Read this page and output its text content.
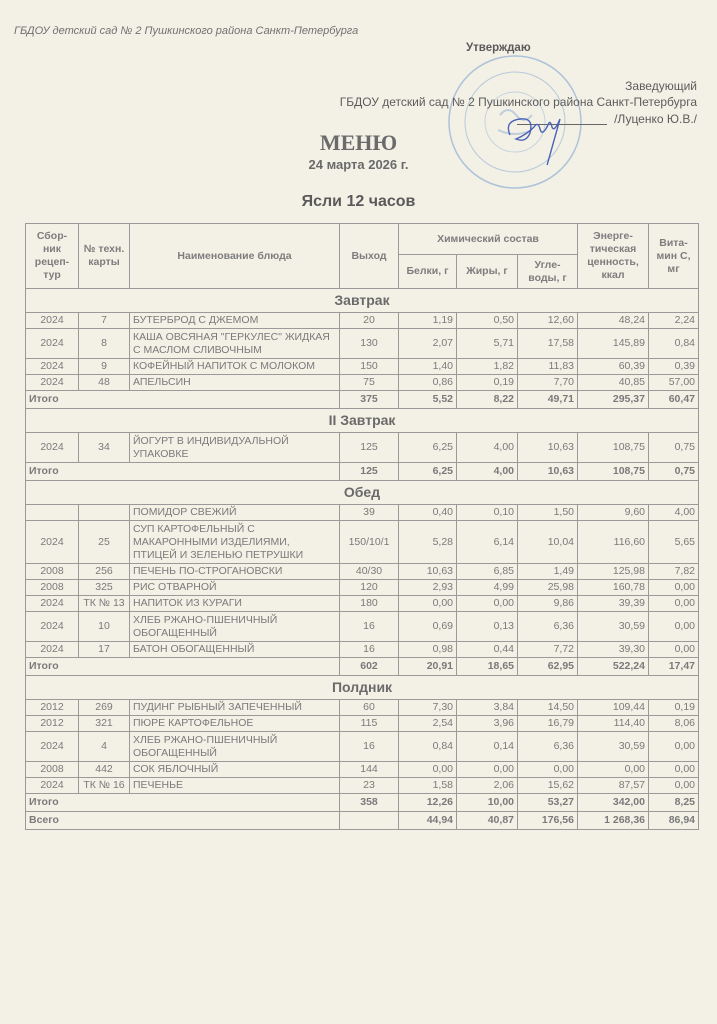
ГБДОУ детский сад № 2 Пушкинского района Санкт-Петербурга
Утверждаю
Заведующий
ГБДОУ детский сад № 2 Пушкинского района Санкт-Петербурга
/Луценко Ю.В./
МЕНЮ
24 марта 2026 г.
Ясли 12 часов
Сбор-ник рецеп-тур	№ техн. карты	Наименование блюда	Выход	Химический состав			Энерге-тическая ценность, ккал	Вита-мин С, мг
				Белки, г	Жиры, г	Угле-воды, г		
Завтрак								
2024	7	БУТЕРБРОД С ДЖЕМОМ	20	1,19	0,50	12,60	48,24	2,24
2024	8	КАША ОВСЯНАЯ "ГЕРКУЛЕС" ЖИДКАЯ С МАСЛОМ СЛИВОЧНЫМ	130	2,07	5,71	17,58	145,89	0,84
2024	9	КОФЕЙНЫЙ НАПИТОК С МОЛОКОМ	150	1,40	1,82	11,83	60,39	0,39
2024	48	АПЕЛЬСИН	75	0,86	0,19	7,70	40,85	57,00
Итого			375	5,52	8,22	49,71	295,37	60,47
II Завтрак								
2024	34	ЙОГУРТ В ИНДИВИДУАЛЬНОЙ УПАКОВКЕ	125	6,25	4,00	10,63	108,75	0,75
Итого			125	6,25	4,00	10,63	108,75	0,75
Обед								
		ПОМИДОР СВЕЖИЙ	39	0,40	0,10	1,50	9,60	4,00
2024	25	СУП КАРТОФЕЛЬНЫЙ С МАКАРОННЫМИ ИЗДЕЛИЯМИ, ПТИЦЕЙ И ЗЕЛЕНЬЮ ПЕТРУШКИ	150/10/1	5,28	6,14	10,04	116,60	5,65
2008	256	ПЕЧЕНЬ ПО-СТРОГАНОВСКИ	40/30	10,63	6,85	1,49	125,98	7,82
2008	325	РИС ОТВАРНОЙ	120	2,93	4,99	25,98	160,78	0,00
2024	ТК № 13	НАПИТОК ИЗ КУРАГИ	180	0,00	0,00	9,86	39,39	0,00
2024	10	ХЛЕБ РЖАНО-ПШЕНИЧНЫЙ ОБОГАЩЕННЫЙ	16	0,69	0,13	6,36	30,59	0,00
2024	17	БАТОН ОБОГАЩЕННЫЙ	16	0,98	0,44	7,72	39,30	0,00
Итого			602	20,91	18,65	62,95	522,24	17,47
Полдник								
2012	269	ПУДИНГ РЫБНЫЙ ЗАПЕЧЕННЫЙ	60	7,30	3,84	14,50	109,44	0,19
2012	321	ПЮРЕ КАРТОФЕЛЬНОЕ	115	2,54	3,96	16,79	114,40	8,06
2024	4	ХЛЕБ РЖАНО-ПШЕНИЧНЫЙ ОБОГАЩЕННЫЙ	16	0,84	0,14	6,36	30,59	0,00
2008	442	СОК ЯБЛОЧНЫЙ	144	0,00	0,00	0,00	0,00	0,00
2024	ТК № 16	ПЕЧЕНЬЕ	23	1,58	2,06	15,62	87,57	0,00
Итого			358	12,26	10,00	53,27	342,00	8,25
Всего				44,94	40,87	176,56	1 268,36	86,94
